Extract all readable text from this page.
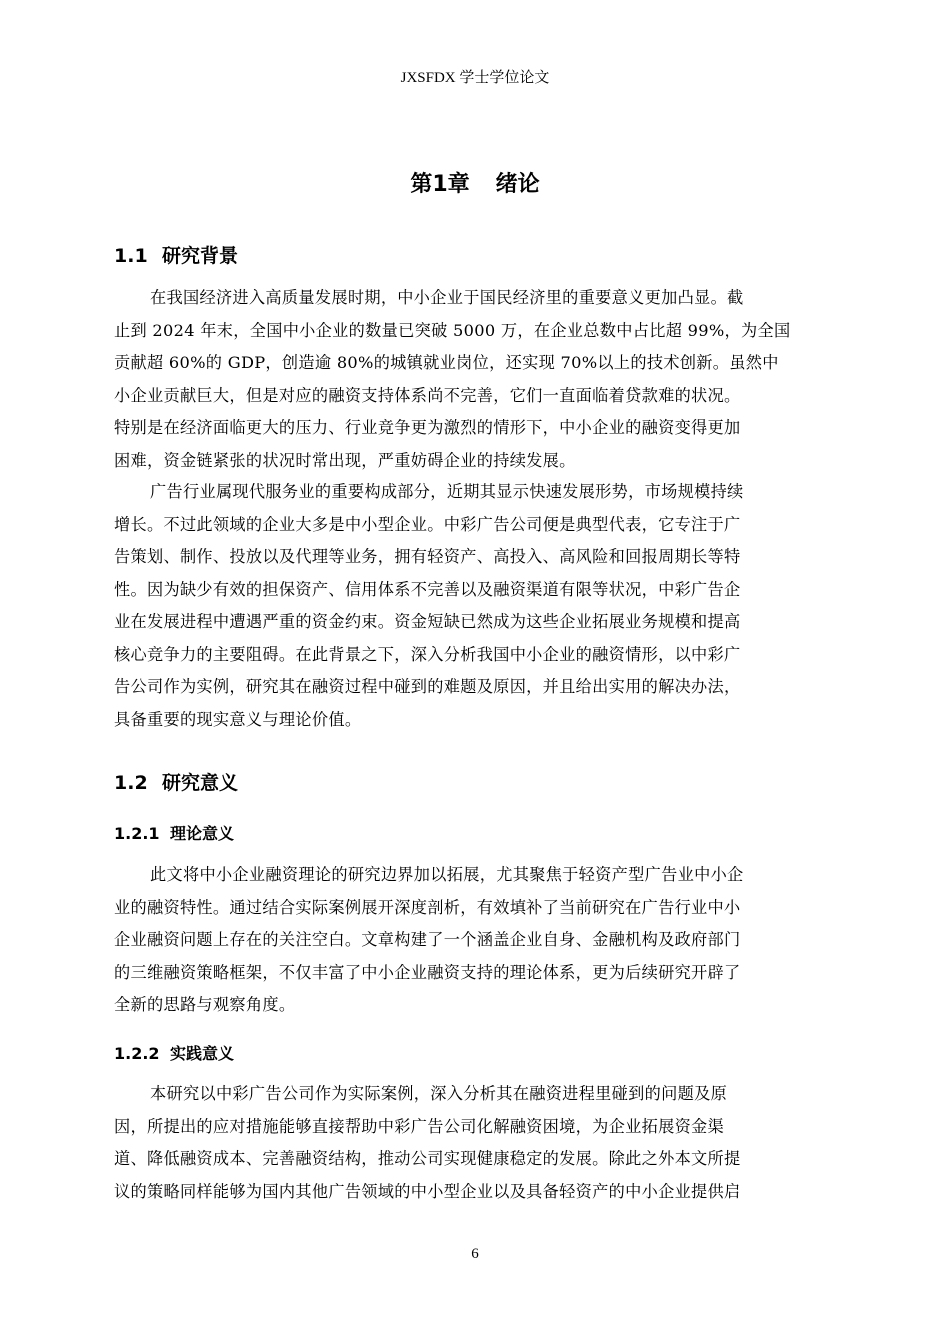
JXSFDX 学士学位论文
第1章 绪论
1.1 研究背景
在我国经济进入高质量发展时期，中小企业于国民经济里的重要意义更加凸显。截
止到 2024 年末，全国中小企业的数量已突破 5000 万，在企业总数中占比超 99%，为全国
贡献超 60%的 GDP，创造逾 80%的城镇就业岗位，还实现 70%以上的技术创新。虽然中
小企业贡献巨大，但是对应的融资支持体系尚不完善，它们一直面临着贷款难的状况。
特别是在经济面临更大的压力、行业竞争更为激烈的情形下，中小企业的融资变得更加
困难，资金链紧张的状况时常出现，严重妨碍企业的持续发展。
广告行业属现代服务业的重要构成部分，近期其显示快速发展形势，市场规模持续
增长。不过此领域的企业大多是中小型企业。中彩广告公司便是典型代表，它专注于广
告策划、制作、投放以及代理等业务，拥有轻资产、高投入、高风险和回报周期长等特
性。因为缺少有效的担保资产、信用体系不完善以及融资渠道有限等状况，中彩广告企
业在发展进程中遭遇严重的资金约束。资金短缺已然成为这些企业拓展业务规模和提高
核心竞争力的主要阻碍。在此背景之下，深入分析我国中小企业的融资情形，以中彩广
告公司作为实例，研究其在融资过程中碰到的难题及原因，并且给出实用的解决办法，
具备重要的现实意义与理论价值。
1.2 研究意义
1.2.1 理论意义
此文将中小企业融资理论的研究边界加以拓展，尤其聚焦于轻资产型广告业中小企
业的融资特性。通过结合实际案例展开深度剖析，有效填补了当前研究在广告行业中小
企业融资问题上存在的关注空白。文章构建了一个涵盖企业自身、金融机构及政府部门
的三维融资策略框架，不仅丰富了中小企业融资支持的理论体系，更为后续研究开辟了
全新的思路与观察角度。
1.2.2 实践意义
本研究以中彩广告公司作为实际案例，深入分析其在融资进程里碰到的问题及原
因，所提出的应对措施能够直接帮助中彩广告公司化解融资困境，为企业拓展资金渠
道、降低融资成本、完善融资结构，推动公司实现健康稳定的发展。除此之外本文所提
议的策略同样能够为国内其他广告领域的中小型企业以及具备轻资产的中小企业提供启
6
